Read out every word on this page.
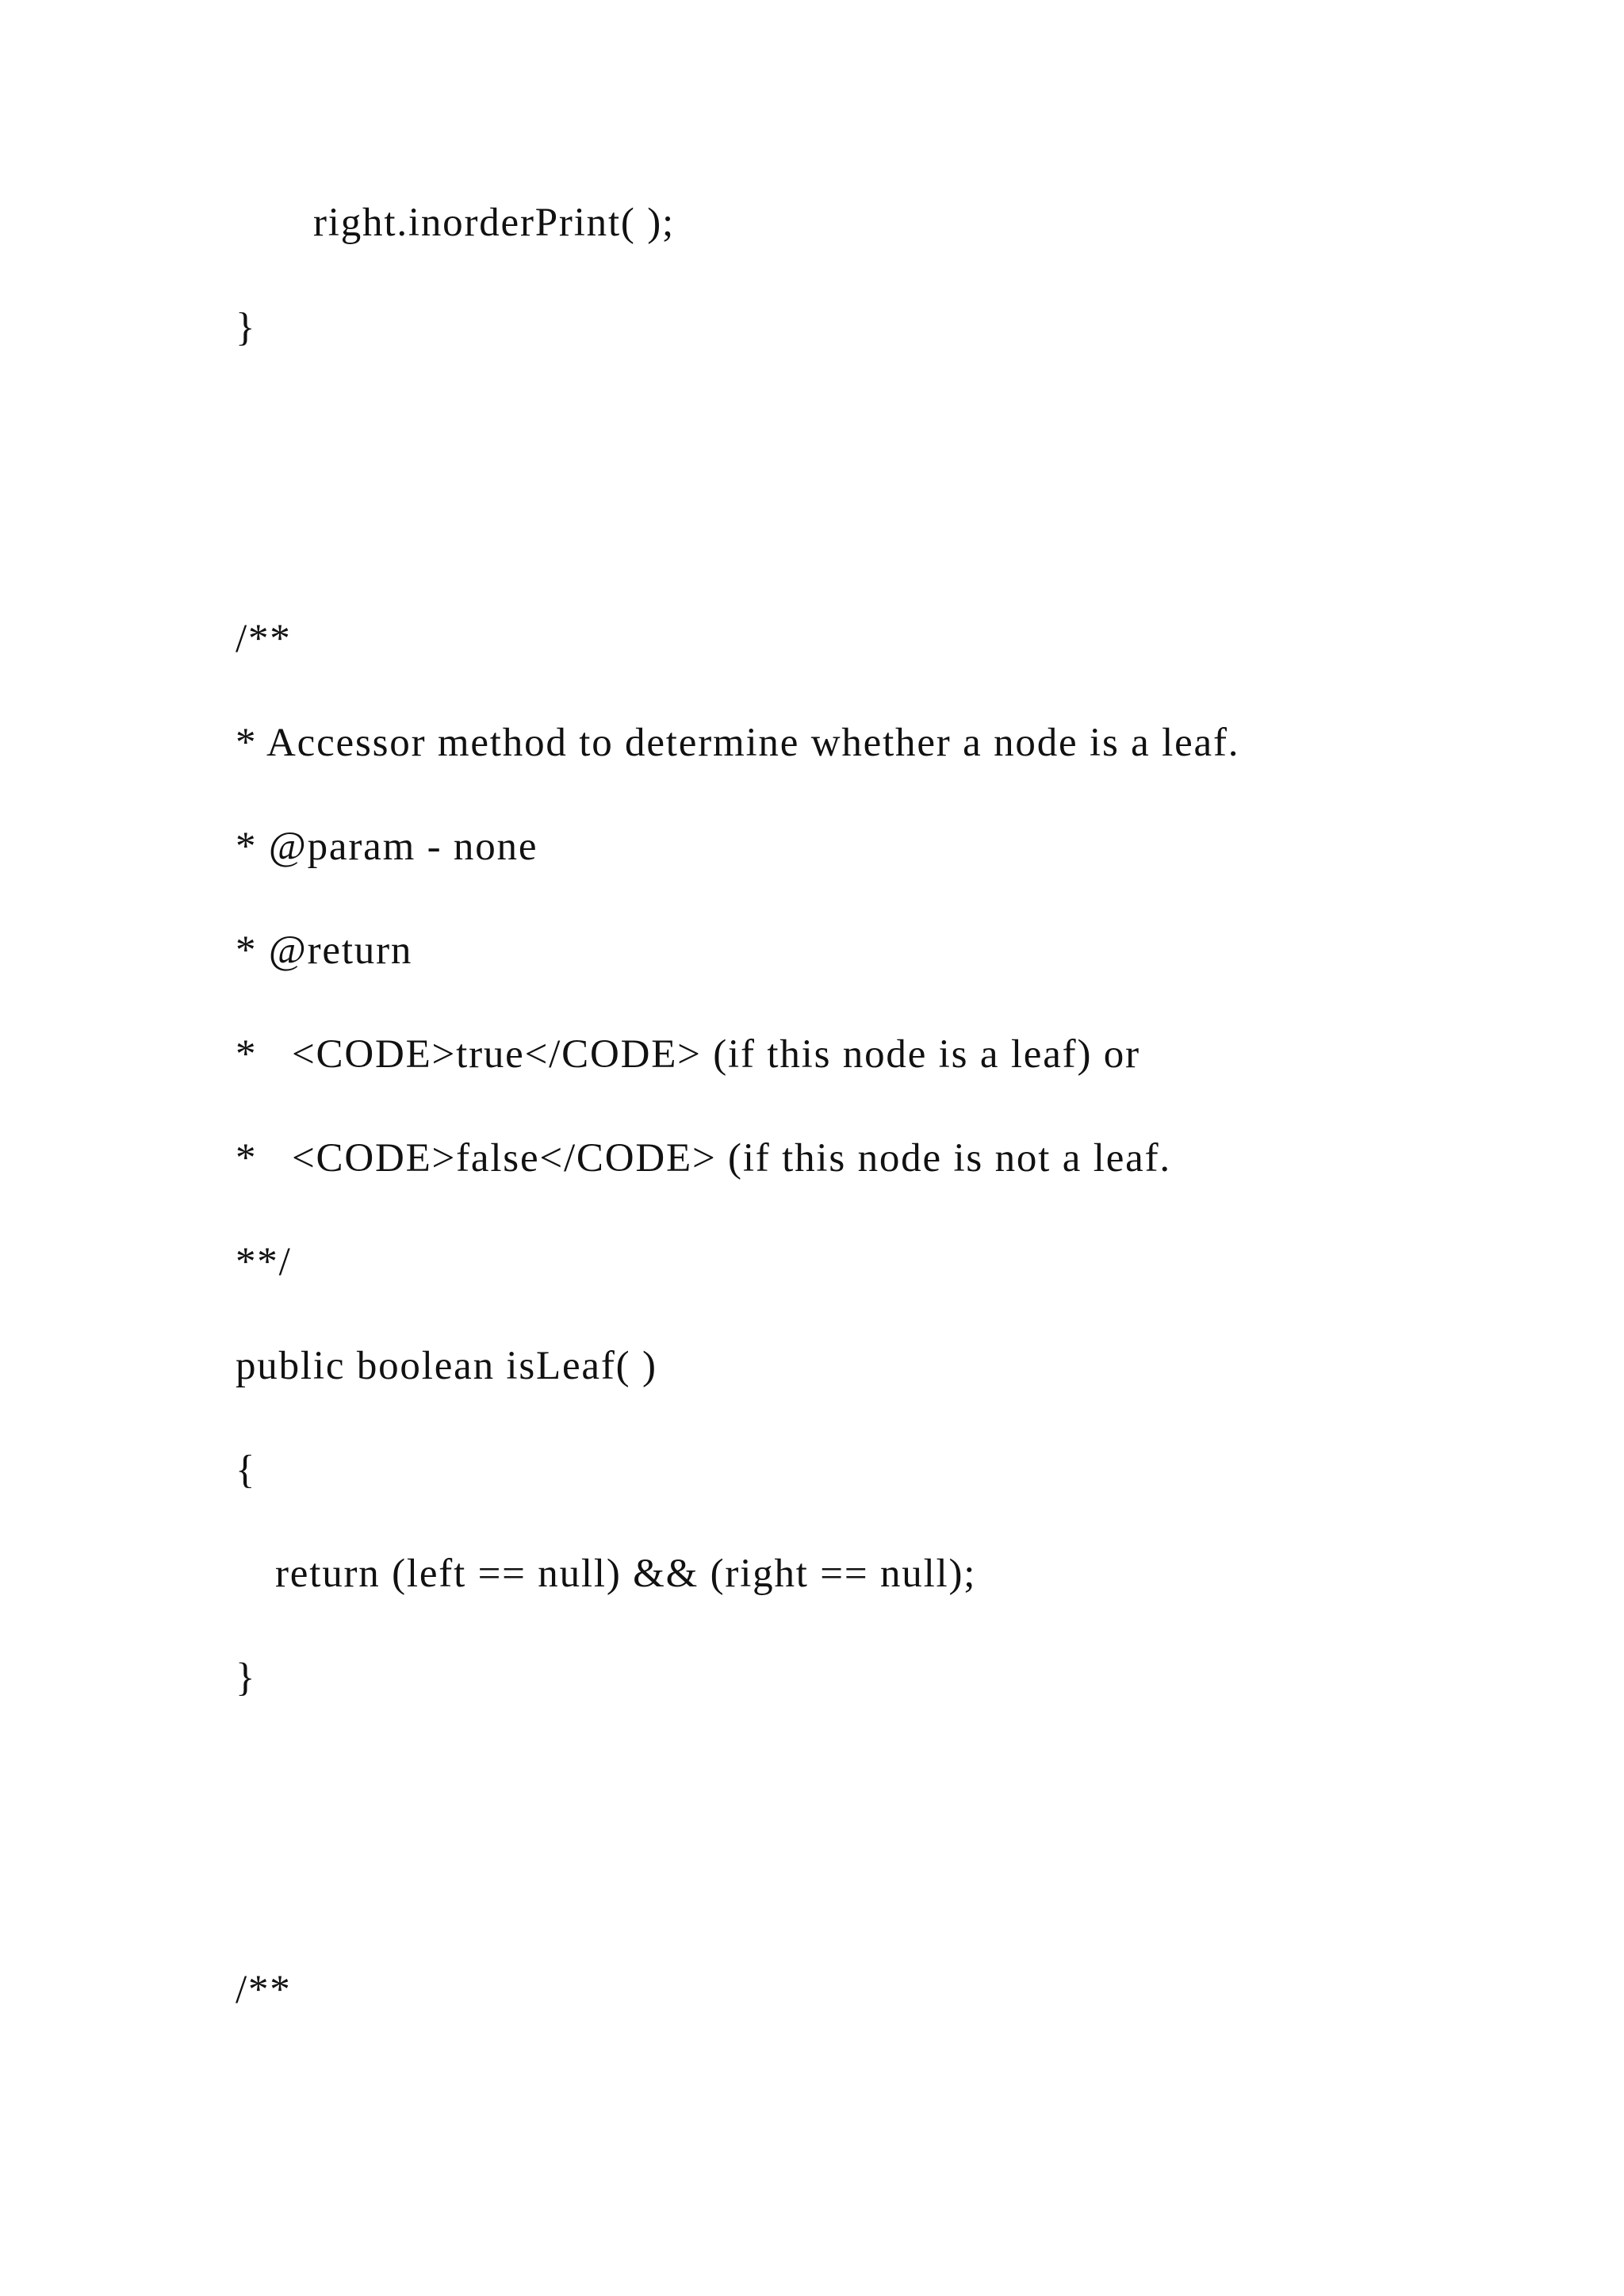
right.inorderPrint( );

}

/**

* Accessor method to determine whether a node is a leaf.

* @param - none

* @return

*   <CODE>true</CODE> (if this node is a leaf) or

*   <CODE>false</CODE> (if this node is not a leaf.

**/

public boolean isLeaf( )

{

return (left == null) && (right == null);

}

/**
